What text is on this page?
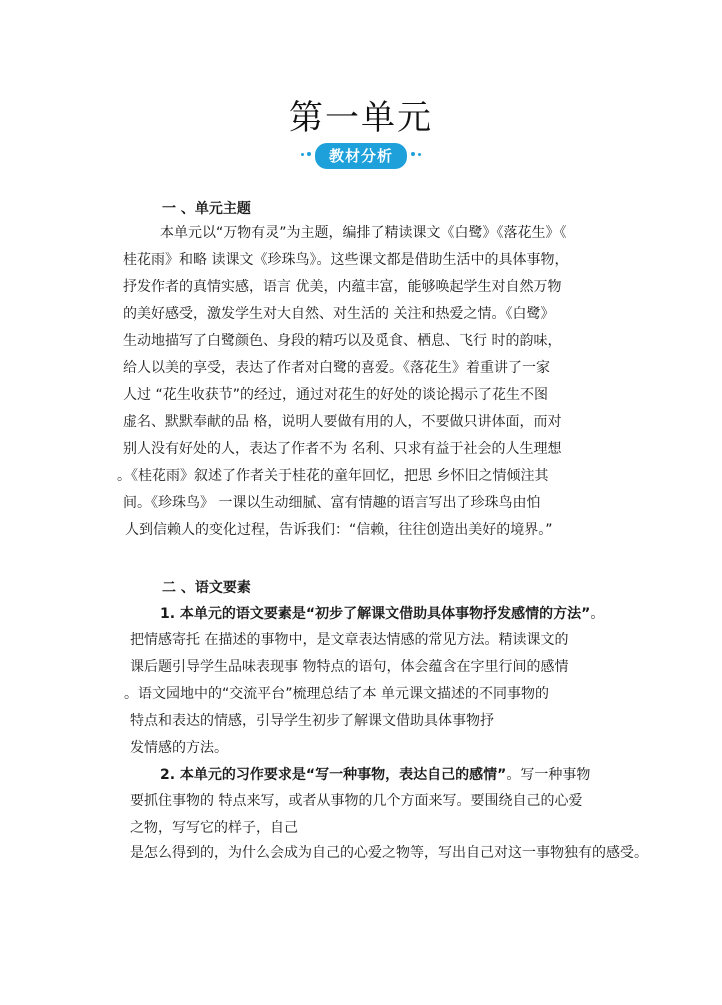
第一单元
教材分析
一 、单元主题
本单元以“万物有灵”为主题，编排了精读课文《白鹭》《落花生》《
桂花雨》和略 读课文《珍珠鸟》。这些课文都是借助生活中的具体事物，
抒发作者的真情实感，语言 优美，内蕴丰富，能够唤起学生对自然万物
的美好感受，激发学生对大自然、对生活的 关注和热爱之情。《白鹭》
生动地描写了白鹭颜色、身段的精巧以及觅食、栖息、飞行 时的韵味，
给人以美的享受，表达了作者对白鹭的喜爱。《落花生》着重讲了一家
人过 “花生收获节”的经过，通过对花生的好处的谈论揭示了花生不图
虚名、默默奉献的品 格，说明人要做有用的人，不要做只讲体面，而对
别人没有好处的人，表达了作者不为 名利、只求有益于社会的人生理想
。《桂花雨》叙述了作者关于桂花的童年回忆，把思 乡怀旧之情倾注其
间。《珍珠鸟》 一课以生动细腻、富有情趣的语言写出了珍珠鸟由怕
人到信赖人的变化过程，告诉我们：“信赖，往往创造出美好的境界。”
二 、语文要素
1. 本单元的语文要素是“初步了解课文借助具体事物抒发感情的方法”。
把情感寄托 在描述的事物中，是文章表达情感的常见方法。精读课文的
课后题引导学生品味表现事 物特点的语句，体会蕴含在字里行间的感情
。语文园地中的“交流平台”梳理总结了本 单元课文描述的不同事物的
特点和表达的情感，引导学生初步了解课文借助具体事物抒
发情感的方法。
2. 本单元的习作要求是“写一种事物，表达自己的感情”。写一种事物
要抓住事物的 特点来写，或者从事物的几个方面来写。要围绕自己的心爱
之物，写写它的样子，自己
是怎么得到的，为什么会成为自己的心爱之物等，写出自己对这一事物独有的感受。
